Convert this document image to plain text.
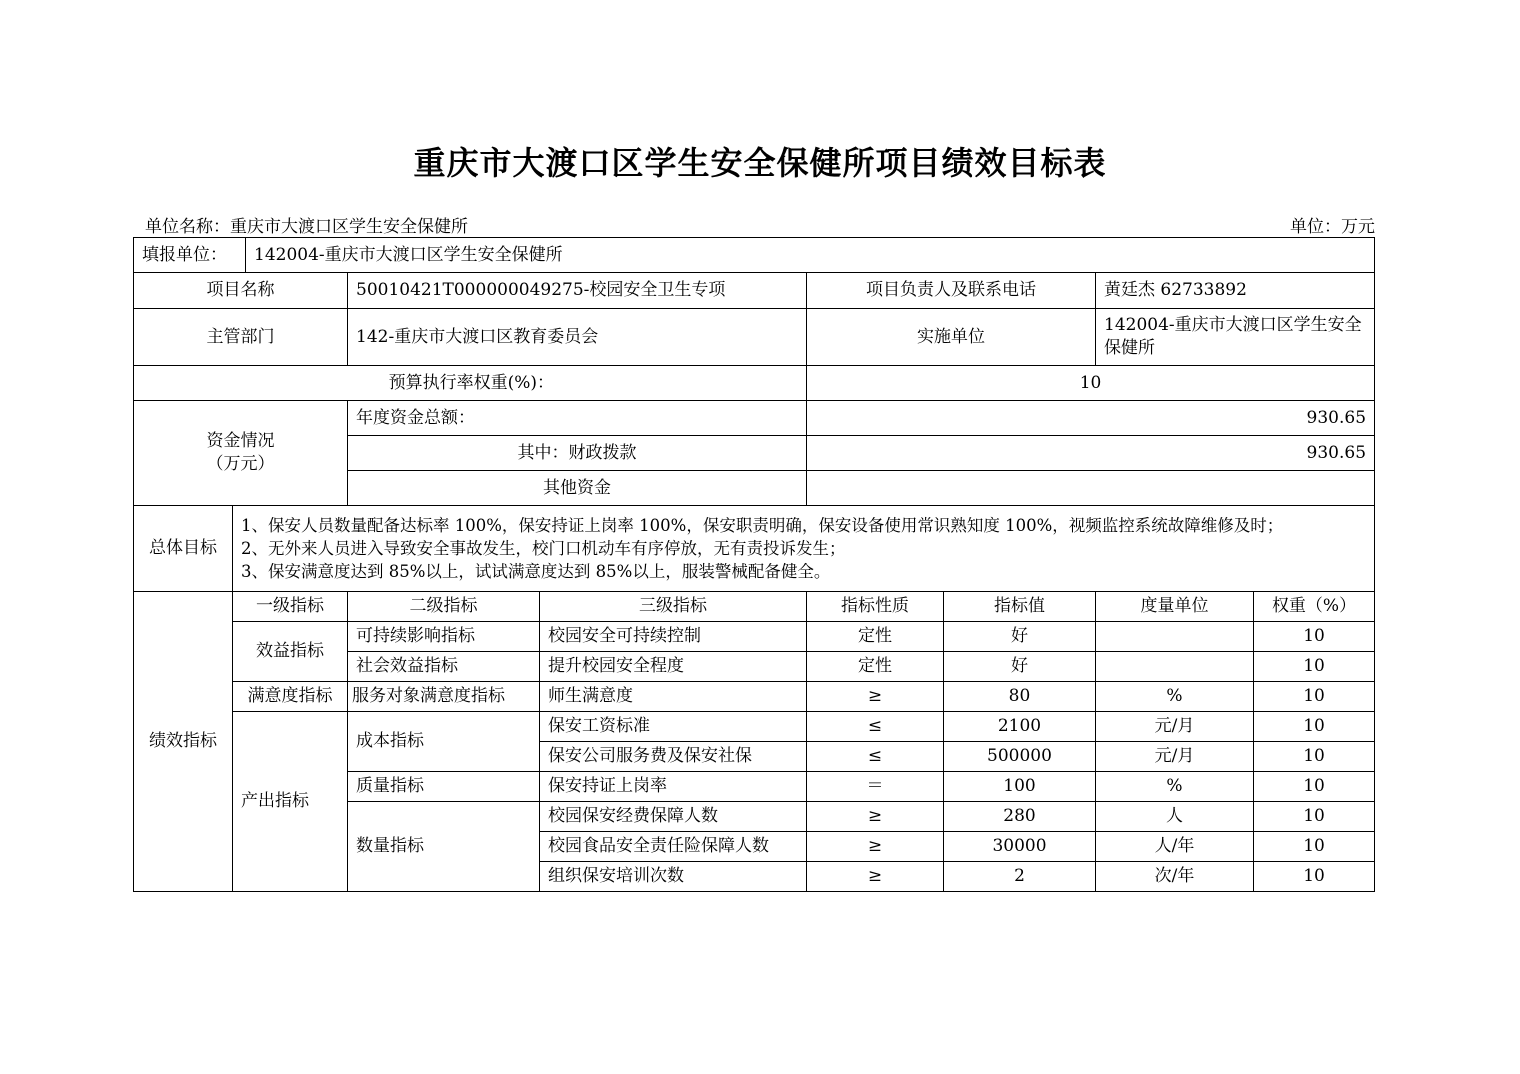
重庆市大渡口区学生安全保健所项目绩效目标表
单位名称：重庆市大渡口区学生安全保健所	单位：万元
填报单位：		142004-重庆市大渡口区学生安全保健所						
项目名称			50010421T000000049275-校园安全卫生专项		项目负责人及联系电话		黄廷杰 62733892	
主管部门			142-重庆市大渡口区教育委员会		实施单位		142004-重庆市大渡口区学生安全保健所	
预算执行率权重(%)：					10			

资金情况
（万元）			年度资金总额：		930.65			
			其中：财政拨款		930.65			
			其他资金					
总体目标	1、保安人员数量配备达标率 100%，保安持证上岗率 100%，保安职责明确，保安设备使用常识熟知度 100%，视频监控系统故障维修及时；
2、无外来人员进入导致安全事故发生，校门口机动车有序停放，无有责投诉发生；
3、保安满意度达到 85%以上，试试满意度达到 85%以上，服装警械配备健全。							

绩效指标	一级指标		二级指标	三级指标	指标性质	指标值	度量单位	权重（%）
	效益指标		可持续影响指标	校园安全可持续控制	定性	好		10
			社会效益指标	提升校园安全程度	定性	好		10
	满意度指标		服务对象满意度指标	师生满意度	≥	80	%	10
	产出指标		成本指标	保安工资标准	≤	2100	元/月	10
				保安公司服务费及保安社保	≤	500000	元/月	10
			质量指标	保安持证上岗率	＝	100	%	10
			数量指标	校园保安经费保障人数	≥	280	人	10
				校园食品安全责任险保障人数	≥	30000	人/年	10
				组织保安培训次数	≥	2	次/年	10
